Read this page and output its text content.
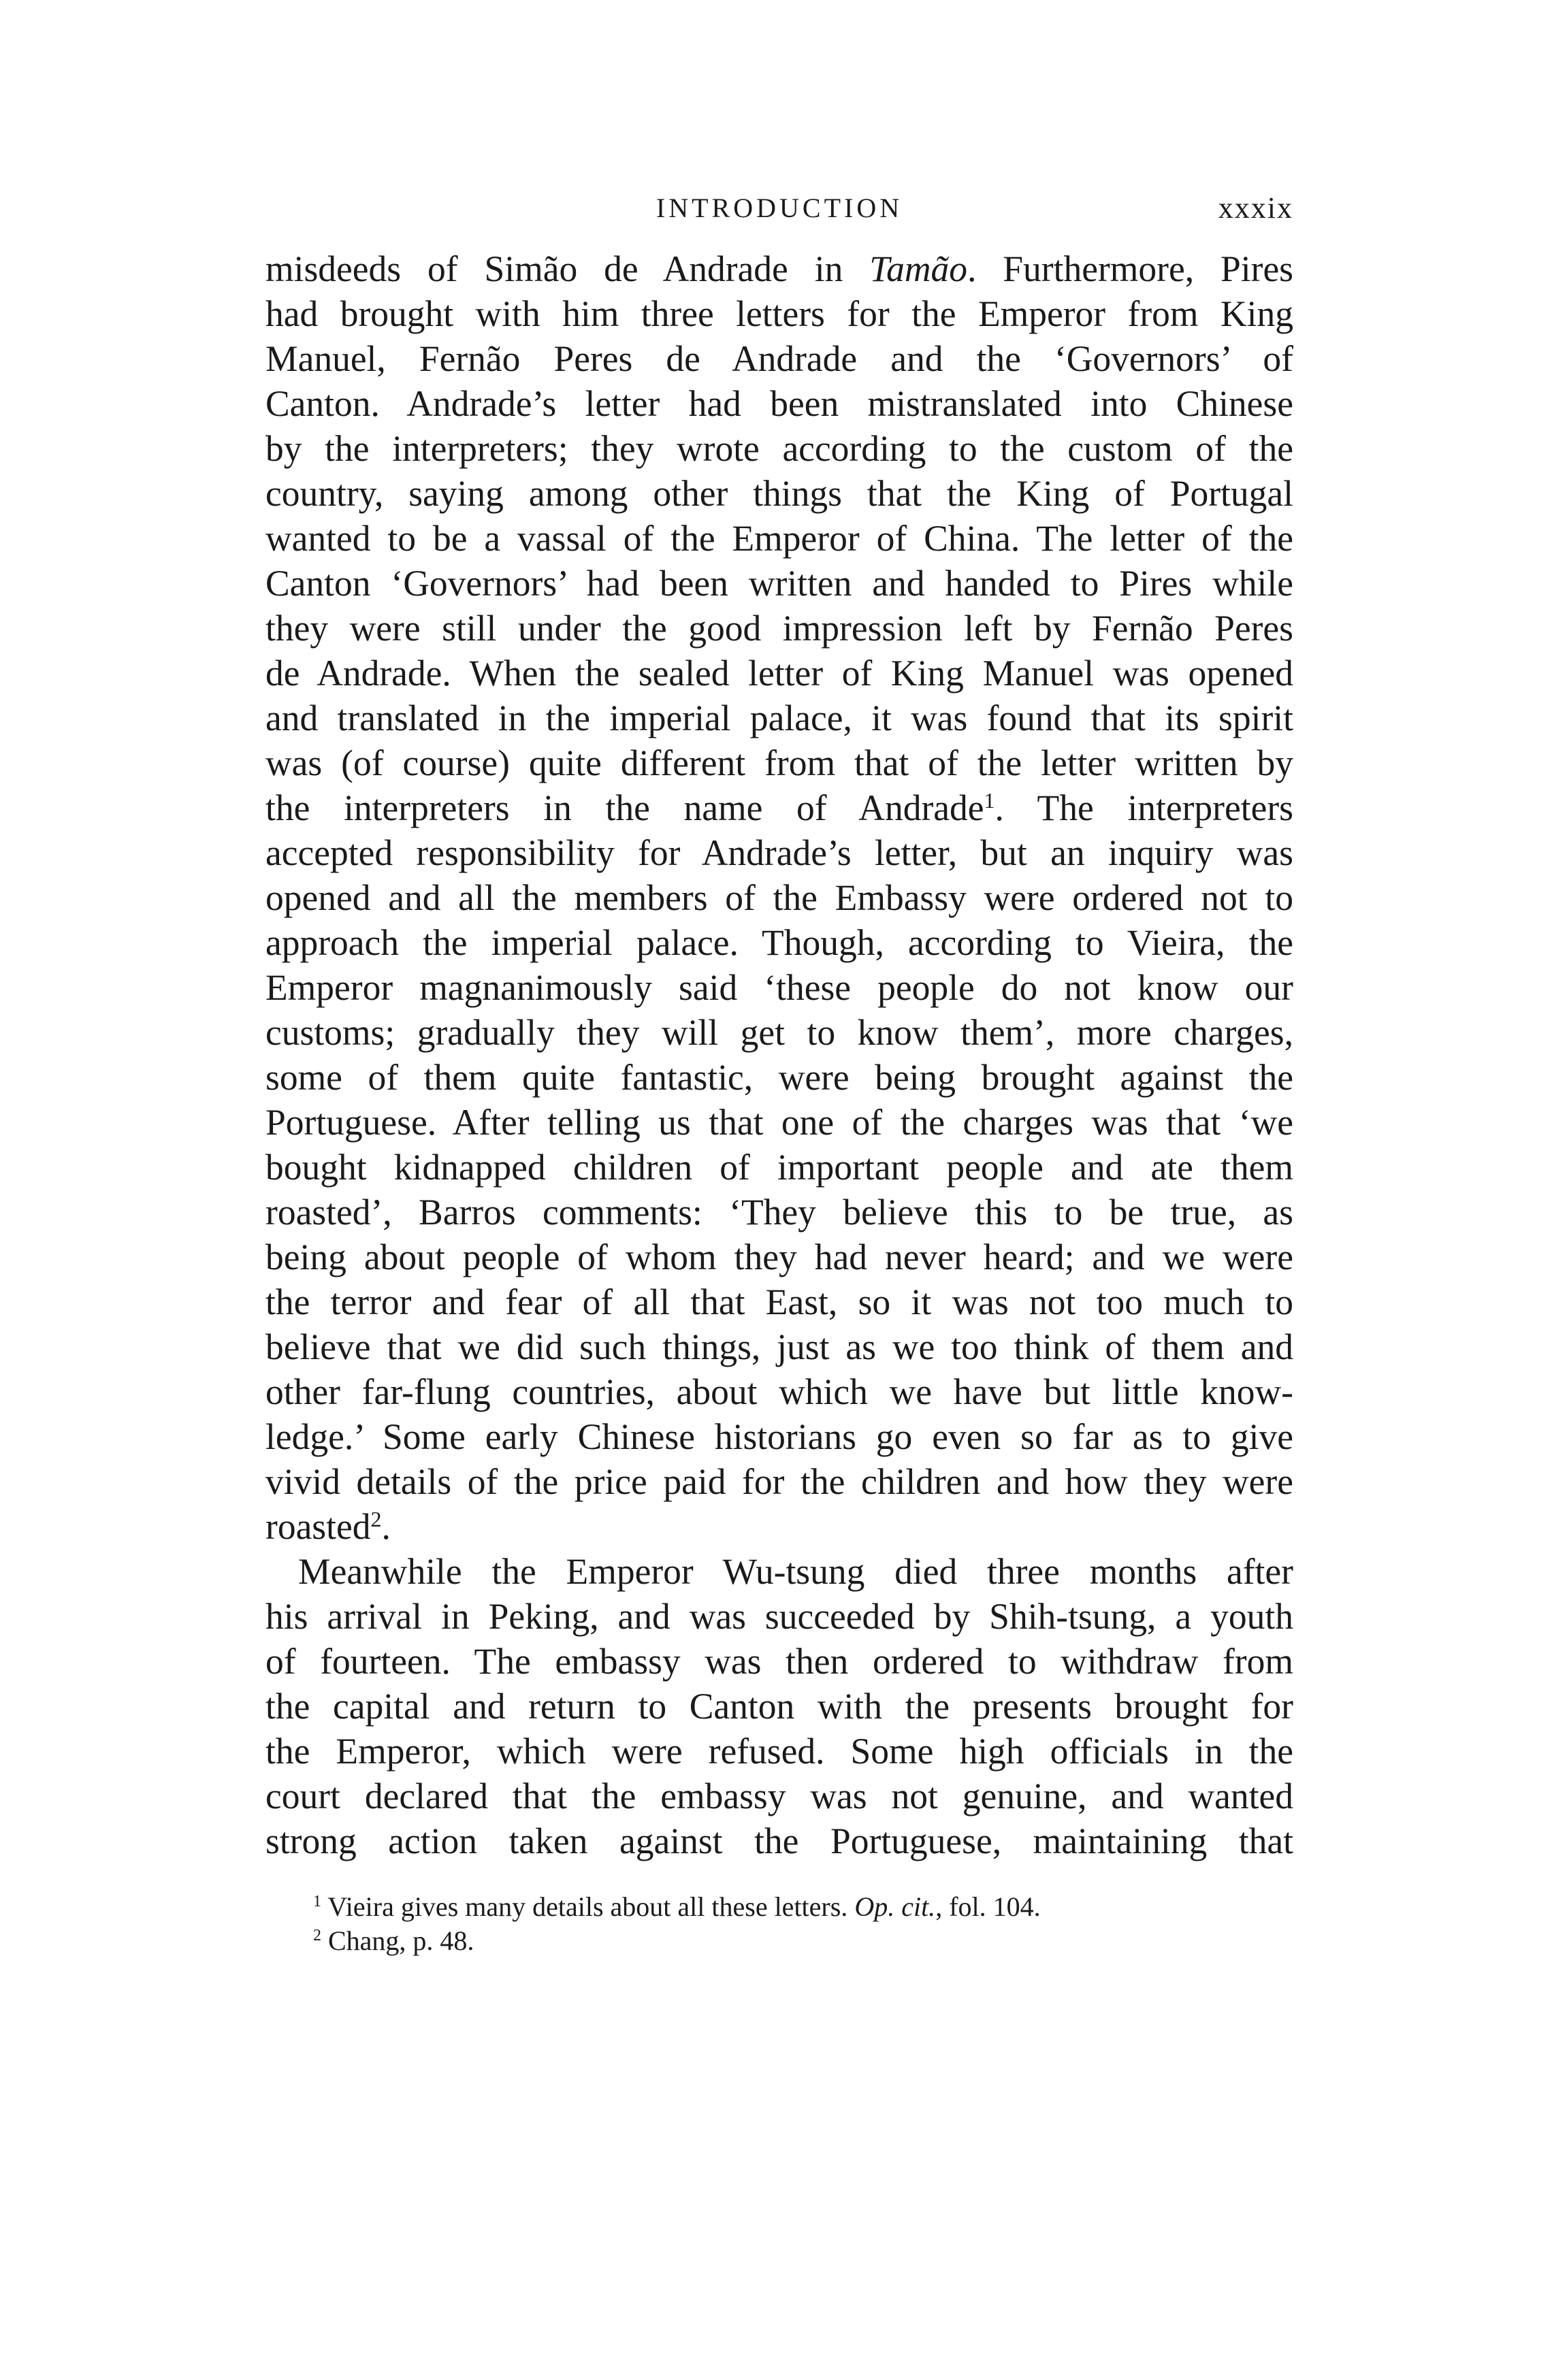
INTRODUCTION	xxxix
misdeeds of Simão de Andrade in Tamão. Furthermore, Pires
had brought with him three letters for the Emperor from King
Manuel, Fernão Peres de Andrade and the ‘Governors’ of
Canton. Andrade’s letter had been mistranslated into Chinese
by the interpreters; they wrote according to the custom of the
country, saying among other things that the King of Portugal
wanted to be a vassal of the Emperor of China. The letter of the
Canton ‘Governors’ had been written and handed to Pires while
they were still under the good impression left by Fernão Peres
de Andrade. When the sealed letter of King Manuel was opened
and translated in the imperial palace, it was found that its spirit
was (of course) quite different from that of the letter written by
the interpreters in the name of Andrade$^1$. The interpreters
accepted responsibility for Andrade’s letter, but an inquiry was
opened and all the members of the Embassy were ordered not to
approach the imperial palace. Though, according to Vieira, the
Emperor magnanimously said ‘these people do not know our
customs; gradually they will get to know them’, more charges,
some of them quite fantastic, were being brought against the
Portuguese. After telling us that one of the charges was that ‘we
bought kidnapped children of important people and ate them
roasted’, Barros comments: ‘They believe this to be true, as
being about people of whom they had never heard; and we were
the terror and fear of all that East, so it was not too much to
believe that we did such things, just as we too think of them and
other far-flung countries, about which we have but little know-
ledge.’ Some early Chinese historians go even so far as to give
vivid details of the price paid for the children and how they were
roasted$^2$.
Meanwhile the Emperor Wu-tsung died three months after
his arrival in Peking, and was succeeded by Shih-tsung, a youth
of fourteen. The embassy was then ordered to withdraw from
the capital and return to Canton with the presents brought for
the Emperor, which were refused. Some high officials in the
court declared that the embassy was not genuine, and wanted
strong action taken against the Portuguese, maintaining that
$^1$ Vieira gives many details about all these letters. Op. cit., fol. 104.
$^2$ Chang, p. 48.
